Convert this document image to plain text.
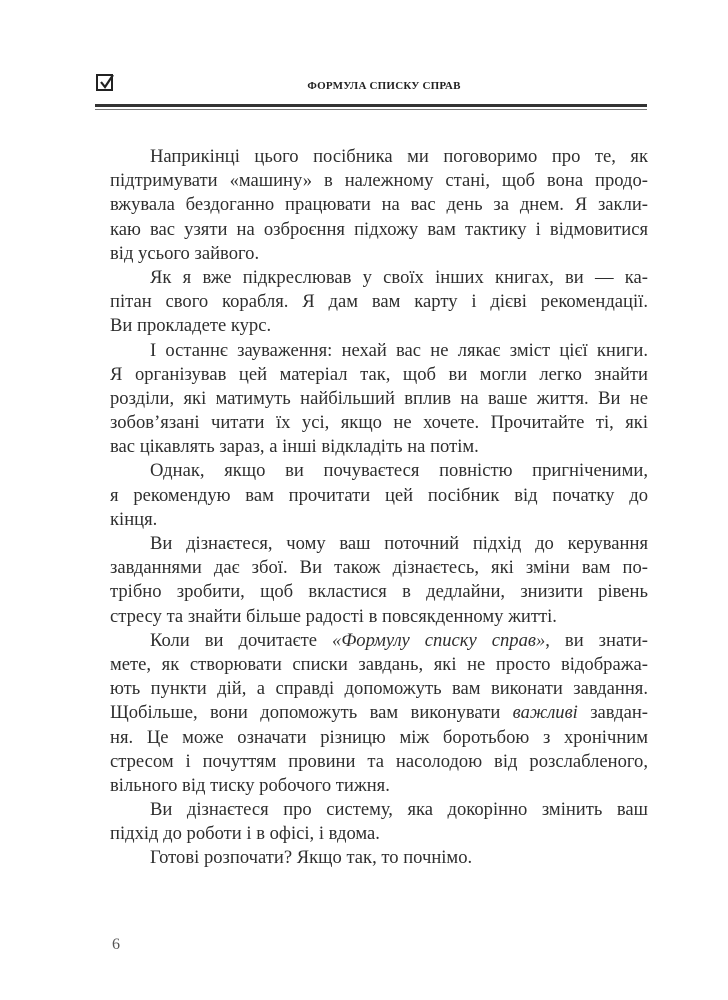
ФОРМУЛА СПИСКУ СПРАВ
Наприкінці цього посібника ми поговоримо про те, як
підтримувати «машину» в належному стані, щоб вона продо-
вжувала бездоганно працювати на вас день за днем. Я закли-
каю вас узяти на озброєння підхожу вам тактику і відмовитися
від усього зайвого.
Як я вже підкреслював у своїх інших книгах, ви — ка-
пітан свого корабля. Я дам вам карту і дієві рекомендації.
Ви прокладете курс.
І останнє зауваження: нехай вас не лякає зміст цієї книги.
Я організував цей матеріал так, щоб ви могли легко знайти
розділи, які матимуть найбільший вплив на ваше життя. Ви не
зобов’язані читати їх усі, якщо не хочете. Прочитайте ті, які
вас цікавлять зараз, а інші відкладіть на потім.
Однак, якщо ви почуваєтеся повністю пригніченими,
я рекомендую вам прочитати цей посібник від початку до
кінця.
Ви дізнаєтеся, чому ваш поточний підхід до керування
завданнями дає збої. Ви також дізнаєтесь, які зміни вам по-
трібно зробити, щоб вкластися в дедлайни, знизити рівень
стресу та знайти більше радості в повсякденному житті.
Коли ви дочитаєте «Формулу списку справ», ви знати-
мете, як створювати списки завдань, які не просто відобража-
ють пункти дій, а справді допоможуть вам виконати завдання.
Щобільше, вони допоможуть вам виконувати важливі завдан-
ня. Це може означати різницю між боротьбою з хронічним
стресом і почуттям провини та насолодою від розслабленого,
вільного від тиску робочого тижня.
Ви дізнаєтеся про систему, яка докорінно змінить ваш
підхід до роботи і в офісі, і вдома.
Готові розпочати? Якщо так, то почнімо.
6
